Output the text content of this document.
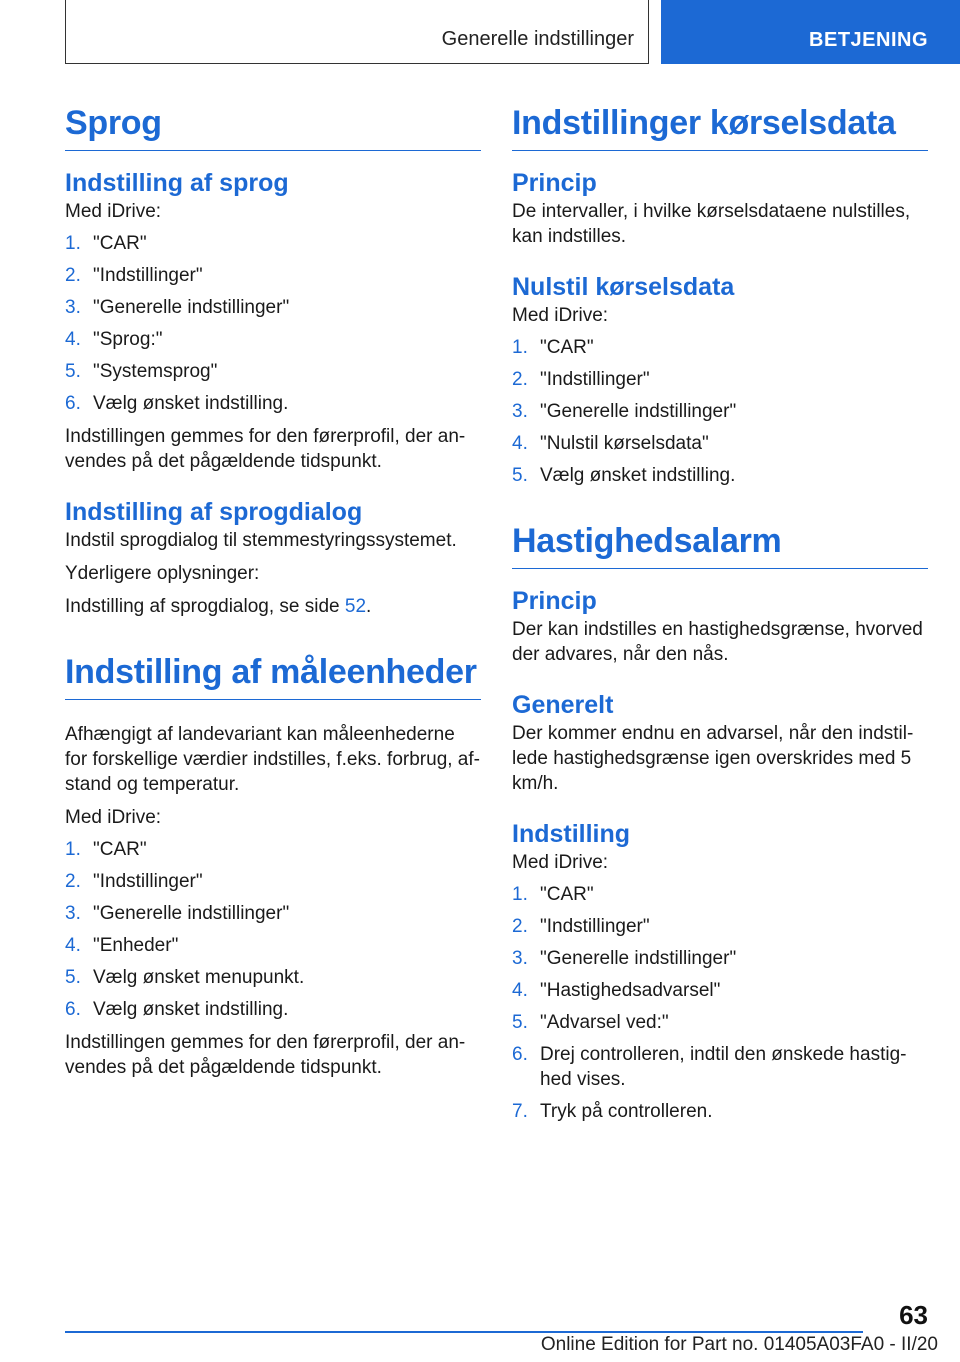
Generelle indstillinger	BETJENING
Sprog
Indstilling af sprog

Med iDrive:

1. "CAR"
2. "Indstillinger"
3. "Generelle indstillinger"
4. "Sprog:"
5. "Systemsprog"
6. Vælg ønsket indstilling.

Indstillingen gemmes for den førerprofil, der an-vendes på det pågældende tidspunkt.

Indstilling af sprogdialog

Indstil sprogdialog til stemmestyringssystemet.

Yderligere oplysninger:

Indstilling af sprogdialog, se side 52.

Indstilling af måleenheder

Afhængigt af landevariant kan måleenhederne for forskellige værdier indstilles, f.eks. forbrug, af-stand og temperatur.

Med iDrive:

1. "CAR"
2. "Indstillinger"
3. "Generelle indstillinger"
4. "Enheder"
5. Vælg ønsket menupunkt.
6. Vælg ønsket indstilling.

Indstillingen gemmes for den førerprofil, der an-vendes på det pågældende tidspunkt.

Indstillinger kørselsdata
Princip

De intervaller, i hvilke kørselsdataene nulstilles, kan indstilles.

Nulstil kørselsdata

Med iDrive:

1. "CAR"
2. "Indstillinger"
3. "Generelle indstillinger"
4. "Nulstil kørselsdata"
5. Vælg ønsket indstilling.
Hastighedsalarm
Princip

Der kan indstilles en hastighedsgrænse, hvorved der advares, når den nås.

Generelt

Der kommer endnu en advarsel, når den indstil-lede hastighedsgrænse igen overskrides med 5 km/h.

Indstilling

Med iDrive:

1. "CAR"
2. "Indstillinger"
3. "Generelle indstillinger"
4. "Hastighedsadvarsel"
5. "Advarsel ved:"
6. Drej controlleren, indtil den ønskede hastig-hed vises.
7. Tryk på controlleren.
63
Online Edition for Part no. 01405A03FA0 - II/20
